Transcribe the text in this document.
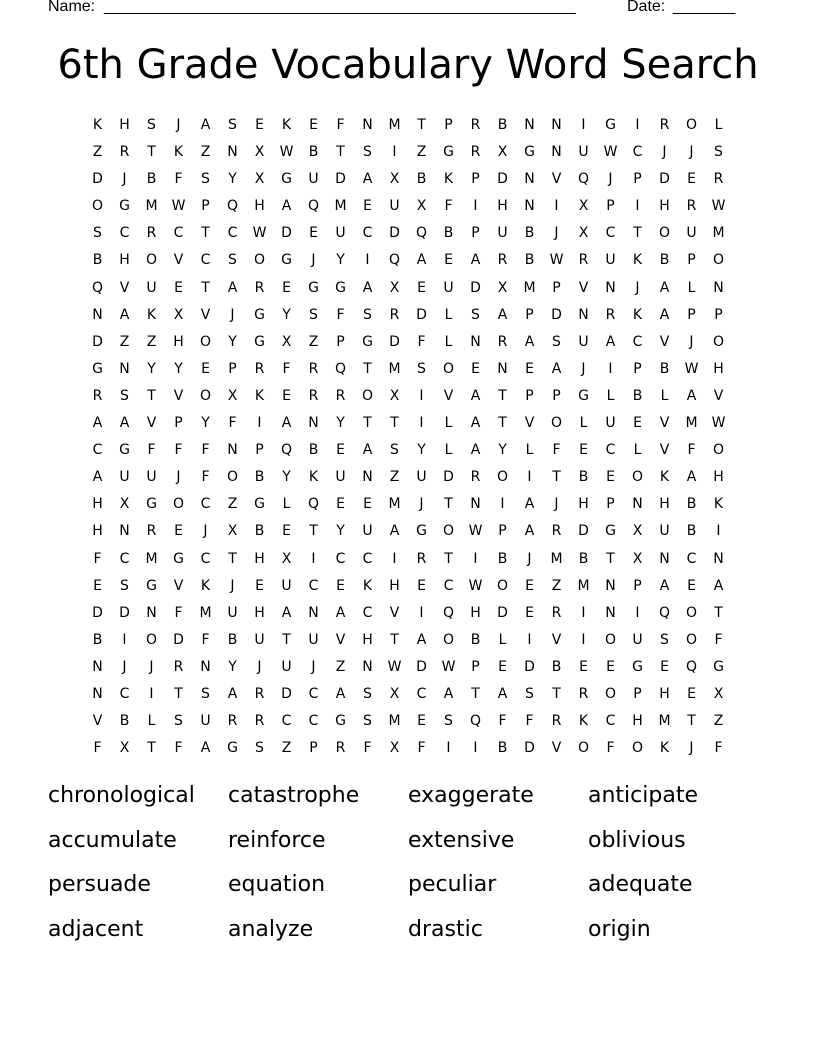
Name: _____________________________________________________	Date: _______
6th Grade Vocabulary Word Search
K	H	S	J	A	S	E	K	E	F	N	M	T	P	R	B	N	N	I	G	I	R	O	L
Z	R	T	K	Z	N	X	W	B	T	S	I	Z	G	R	X	G	N	U	W	C	J	J	S
D	J	B	F	S	Y	X	G	U	D	A	X	B	K	P	D	N	V	Q	J	P	D	E	R
O	G	M	W	P	Q	H	A	Q	M	E	U	X	F	I	H	N	I	X	P	I	H	R	W
S	C	R	C	T	C	W	D	E	U	C	D	Q	B	P	U	B	J	X	C	T	O	U	M
B	H	O	V	C	S	O	G	J	Y	I	Q	A	E	A	R	B	W	R	U	K	B	P	O
Q	V	U	E	T	A	R	E	G	G	A	X	E	U	D	X	M	P	V	N	J	A	L	N
N	A	K	X	V	J	G	Y	S	F	S	R	D	L	S	A	P	D	N	R	K	A	P	P
D	Z	Z	H	O	Y	G	X	Z	P	G	D	F	L	N	R	A	S	U	A	C	V	J	O
G	N	Y	Y	E	P	R	F	R	Q	T	M	S	O	E	N	E	A	J	I	P	B	W	H
R	S	T	V	O	X	K	E	R	R	O	X	I	V	A	T	P	P	G	L	B	L	A	V
A	A	V	P	Y	F	I	A	N	Y	T	T	I	L	A	T	V	O	L	U	E	V	M	W
C	G	F	F	F	N	P	Q	B	E	A	S	Y	L	A	Y	L	F	E	C	L	V	F	O
A	U	U	J	F	O	B	Y	K	U	N	Z	U	D	R	O	I	T	B	E	O	K	A	H
H	X	G	O	C	Z	G	L	Q	E	E	M	J	T	N	I	A	J	H	P	N	H	B	K
H	N	R	E	J	X	B	E	T	Y	U	A	G	O	W	P	A	R	D	G	X	U	B	I
F	C	M	G	C	T	H	X	I	C	C	I	R	T	I	B	J	M	B	T	X	N	C	N
E	S	G	V	K	J	E	U	C	E	K	H	E	C	W	O	E	Z	M	N	P	A	E	A
D	D	N	F	M	U	H	A	N	A	C	V	I	Q	H	D	E	R	I	N	I	Q	O	T
B	I	O	D	F	B	U	T	U	V	H	T	A	O	B	L	I	V	I	O	U	S	O	F
N	J	J	R	N	Y	J	U	J	Z	N	W	D	W	P	E	D	B	E	E	G	E	Q	G
N	C	I	T	S	A	R	D	C	A	S	X	C	A	T	A	S	T	R	O	P	H	E	X
V	B	L	S	U	R	R	C	C	G	S	M	E	S	Q	F	F	R	K	C	H	M	T	Z
F	X	T	F	A	G	S	Z	P	R	F	X	F	I	I	B	D	V	O	F	O	K	J	F
chronological	catastrophe	exaggerate	anticipate
accumulate	reinforce	extensive	oblivious
persuade	equation	peculiar	adequate
adjacent	analyze	drastic	origin
